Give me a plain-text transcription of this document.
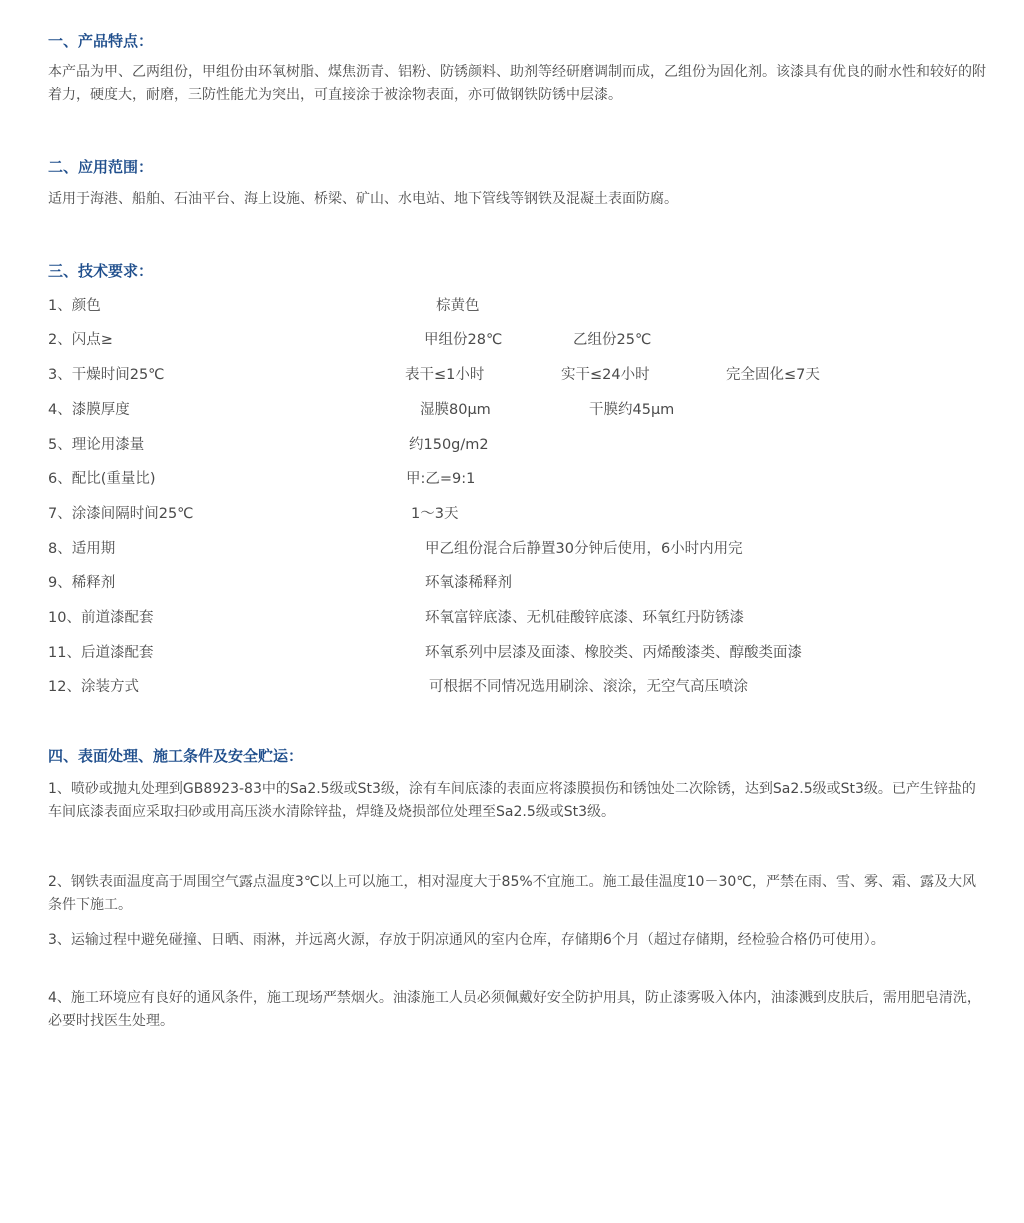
一、产品特点：
本产品为甲、乙两组份，甲组份由环氧树脂、煤焦沥青、铝粉、防锈颜料、助剂等经研磨调制而成，乙组份为固化剂。该漆具有优良的耐水性和较好的附着力，硬度大，耐磨，三防性能尤为突出，可直接涂于被涂物表面，亦可做钢铁防锈中层漆。
二、应用范围：
适用于海港、船舶、石油平台、海上设施、桥梁、矿山、水电站、地下管线等钢铁及混凝土表面防腐。
三、技术要求：
1、颜色	棕黄色
2、闪点≥	甲组份28℃	乙组份25℃
3、干燥时间25℃	表干≤1小时	实干≤24小时	完全固化≤7天
4、漆膜厚度	湿膜80μm	干膜约45μm
5、理论用漆量	约150g/m2
6、配比(重量比)	甲:乙=9:1
7、涂漆间隔时间25℃	1～3天
8、适用期	甲乙组份混合后静置30分钟后使用，6小时内用完
9、稀释剂	环氧漆稀释剂
10、前道漆配套	环氧富锌底漆、无机硅酸锌底漆、环氧红丹防锈漆
11、后道漆配套	环氧系列中层漆及面漆、橡胶类、丙烯酸漆类、醇酸类面漆
12、涂装方式	可根据不同情况选用刷涂、滚涂，无空气高压喷涂
四、表面处理、施工条件及安全贮运：
1、喷砂或抛丸处理到GB8923-83中的Sa2.5级或St3级，涂有车间底漆的表面应将漆膜损伤和锈蚀处二次除锈，达到Sa2.5级或St3级。已产生锌盐的车间底漆表面应采取扫砂或用高压淡水清除锌盐，焊缝及烧损部位处理至Sa2.5级或St3级。
2、钢铁表面温度高于周围空气露点温度3℃以上可以施工，相对湿度大于85%不宜施工。施工最佳温度10－30℃，严禁在雨、雪、雾、霜、露及大风条件下施工。
3、运输过程中避免碰撞、日晒、雨淋，并远离火源，存放于阴凉通风的室内仓库，存储期6个月（超过存储期，经检验合格仍可使用）。
4、施工环境应有良好的通风条件，施工现场严禁烟火。油漆施工人员必须佩戴好安全防护用具，防止漆雾吸入体内，油漆溅到皮肤后，需用肥皂清洗，必要时找医生处理。
